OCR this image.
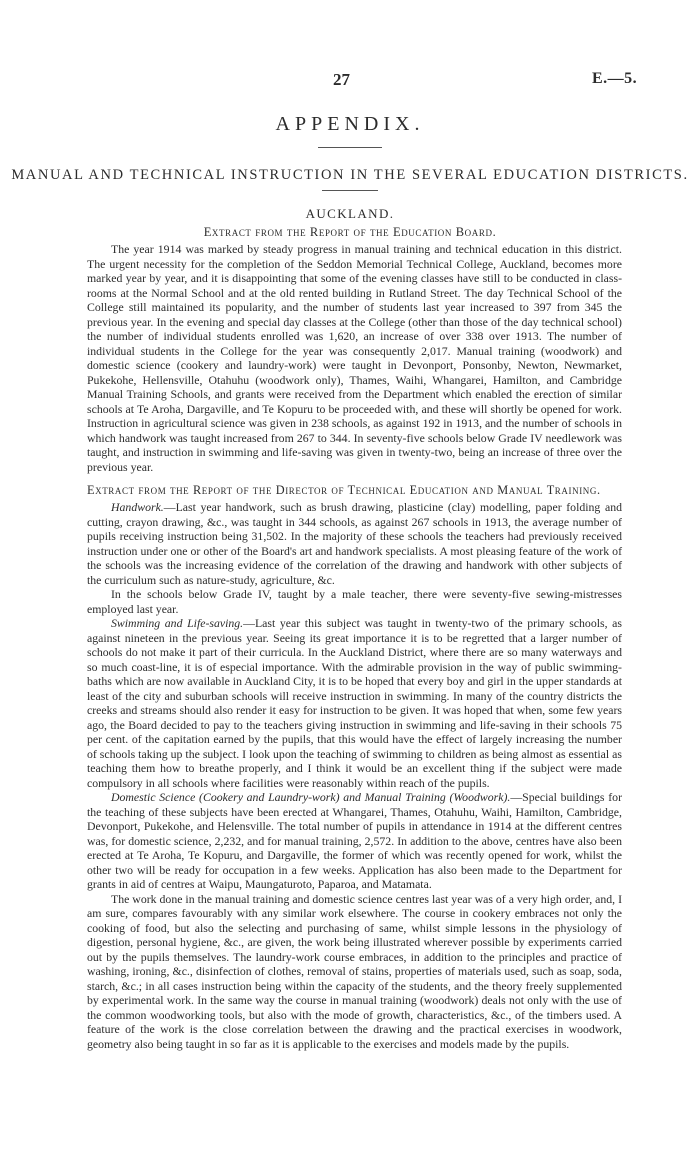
27	E.—5.
APPENDIX.
MANUAL AND TECHNICAL INSTRUCTION IN THE SEVERAL EDUCATION DISTRICTS.
AUCKLAND.
Extract from the Report of the Education Board.

The year 1914 was marked by steady progress in manual training and technical education in this district. The urgent necessity for the completion of the Seddon Memorial Technical College, Auckland, becomes more marked year by year, and it is disappointing that some of the evening classes have still to be conducted in class-rooms at the Normal School and at the old rented building in Rutland Street. The day Technical School of the College still maintained its popularity, and the number of students last year increased to 397 from 345 the previous year. In the evening and special day classes at the College (other than those of the day technical school) the number of individual students enrolled was 1,620, an increase of over 338 over 1913. The number of individual students in the College for the year was consequently 2,017. Manual training (woodwork) and domestic science (cookery and laundry-work) were taught in Devonport, Ponsonby, Newton, Newmarket, Pukekohe, Hellensville, Otahuhu (woodwork only), Thames, Waihi, Whangarei, Hamilton, and Cambridge Manual Training Schools, and grants were received from the Department which enabled the erection of similar schools at Te Aroha, Dargaville, and Te Kopuru to be proceeded with, and these will shortly be opened for work. Instruction in agricultural science was given in 238 schools, as against 192 in 1913, and the number of schools in which handwork was taught increased from 267 to 344. In seventy-five schools below Grade IV needlework was taught, and instruction in swimming and life-saving was given in twenty-two, being an increase of three over the previous year.

Extract from the Report of the Director of Technical Education and Manual Training.

Handwork.—Last year handwork, such as brush drawing, plasticine (clay) modelling, paper folding and cutting, crayon drawing, &c., was taught in 344 schools, as against 267 schools in 1913, the average number of pupils receiving instruction being 31,502. In the majority of these schools the teachers had previously received instruction under one or other of the Board's art and handwork specialists. A most pleasing feature of the work of the schools was the increasing evidence of the correlation of the drawing and handwork with other subjects of the curriculum such as nature-study, agriculture, &c.

In the schools below Grade IV, taught by a male teacher, there were seventy-five sewing-mistresses employed last year.

Swimming and Life-saving.—Last year this subject was taught in twenty-two of the primary schools, as against nineteen in the previous year. Seeing its great importance it is to be regretted that a larger number of schools do not make it part of their curricula. In the Auckland District, where there are so many waterways and so much coast-line, it is of especial importance. With the admirable provision in the way of public swimming-baths which are now available in Auckland City, it is to be hoped that every boy and girl in the upper standards at least of the city and suburban schools will receive instruction in swimming. In many of the country districts the creeks and streams should also render it easy for instruction to be given. It was hoped that when, some few years ago, the Board decided to pay to the teachers giving instruction in swimming and life-saving in their schools 75 per cent. of the capitation earned by the pupils, that this would have the effect of largely increasing the number of schools taking up the subject. I look upon the teaching of swimming to children as being almost as essential as teaching them how to breathe properly, and I think it would be an excellent thing if the subject were made compulsory in all schools where facilities were reasonably within reach of the pupils.

Domestic Science (Cookery and Laundry-work) and Manual Training (Woodwork).—Special buildings for the teaching of these subjects have been erected at Whangarei, Thames, Otahuhu, Waihi, Hamilton, Cambridge, Devonport, Pukekohe, and Helensville. The total number of pupils in attendance in 1914 at the different centres was, for domestic science, 2,232, and for manual training, 2,572. In addition to the above, centres have also been erected at Te Aroha, Te Kopuru, and Dargaville, the former of which was recently opened for work, whilst the other two will be ready for occupation in a few weeks. Application has also been made to the Department for grants in aid of centres at Waipu, Maungaturoto, Paparoa, and Matamata.

The work done in the manual training and domestic science centres last year was of a very high order, and, I am sure, compares favourably with any similar work elsewhere. The course in cookery embraces not only the cooking of food, but also the selecting and purchasing of same, whilst simple lessons in the physiology of digestion, personal hygiene, &c., are given, the work being illustrated wherever possible by experiments carried out by the pupils themselves. The laundry-work course embraces, in addition to the principles and practice of washing, ironing, &c., disinfection of clothes, removal of stains, properties of materials used, such as soap, soda, starch, &c.; in all cases instruction being within the capacity of the students, and the theory freely supplemented by experimental work. In the same way the course in manual training (woodwork) deals not only with the use of the common woodworking tools, but also with the mode of growth, characteristics, &c., of the timbers used. A feature of the work is the close correlation between the drawing and the practical exercises in woodwork, geometry also being taught in so far as it is applicable to the exercises and models made by the pupils.
